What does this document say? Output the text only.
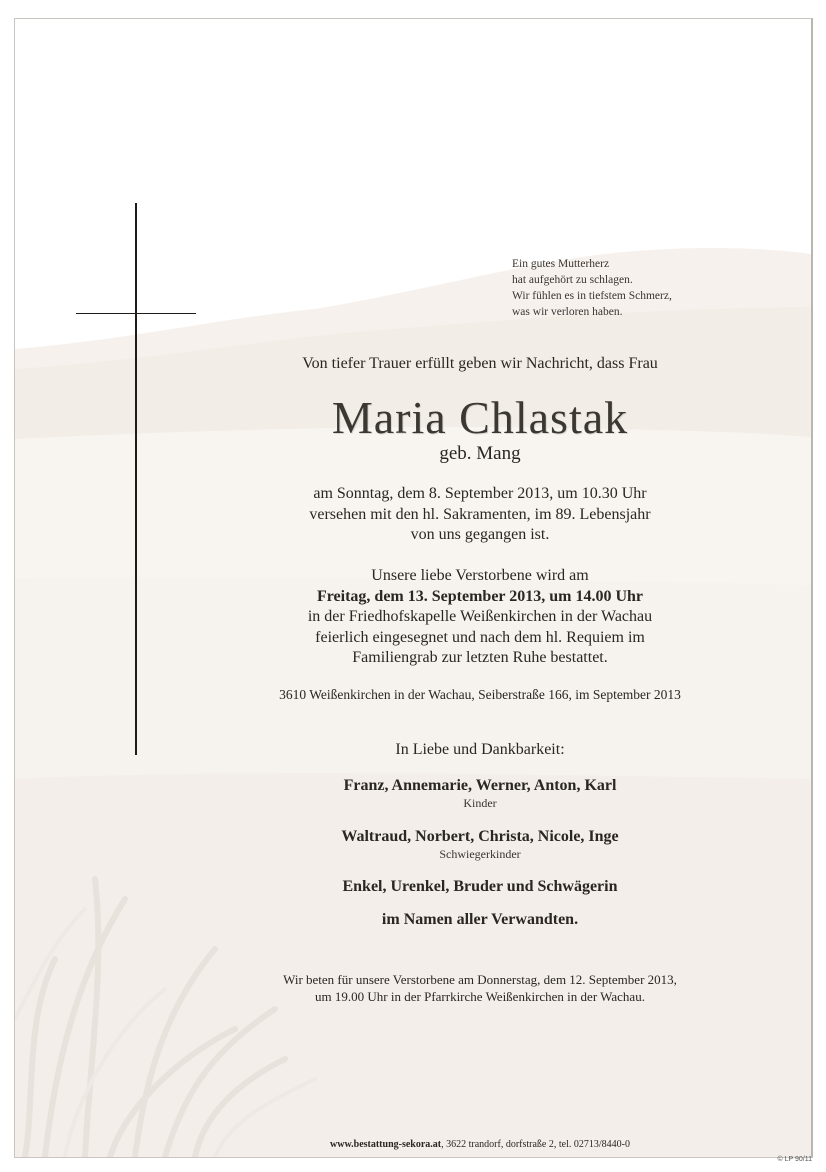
Ein gutes Mutterherz
hat aufgehört zu schlagen.
Wir fühlen es in tiefstem Schmerz,
was wir verloren haben.
Von tiefer Trauer erfüllt geben wir Nachricht, dass Frau
Maria Chlastak
geb. Mang
am Sonntag, dem 8. September 2013, um 10.30 Uhr
versehen mit den hl. Sakramenten, im 89. Lebensjahr
von uns gegangen ist.
Unsere liebe Verstorbene wird am
Freitag, dem 13. September 2013, um 14.00 Uhr
in der Friedhofskapelle Weißenkirchen in der Wachau
feierlich eingesegnet und nach dem hl. Requiem im
Familiengrab zur letzten Ruhe bestattet.
3610 Weißenkirchen in der Wachau, Seiberstraße 166, im September 2013
In Liebe und Dankbarkeit:
Franz, Annemarie, Werner, Anton, Karl
Kinder
Waltraud, Norbert, Christa, Nicole, Inge
Schwiegerkinder
Enkel, Urenkel, Bruder und Schwägerin
im Namen aller Verwandten.
Wir beten für unsere Verstorbene am Donnerstag, dem 12. September 2013,
um 19.00 Uhr in der Pfarrkirche Weißenkirchen in der Wachau.
www.bestattung-sekora.at, 3622 trandorf, dorfstraße 2, tel. 02713/8440-0
© LP 90/11
